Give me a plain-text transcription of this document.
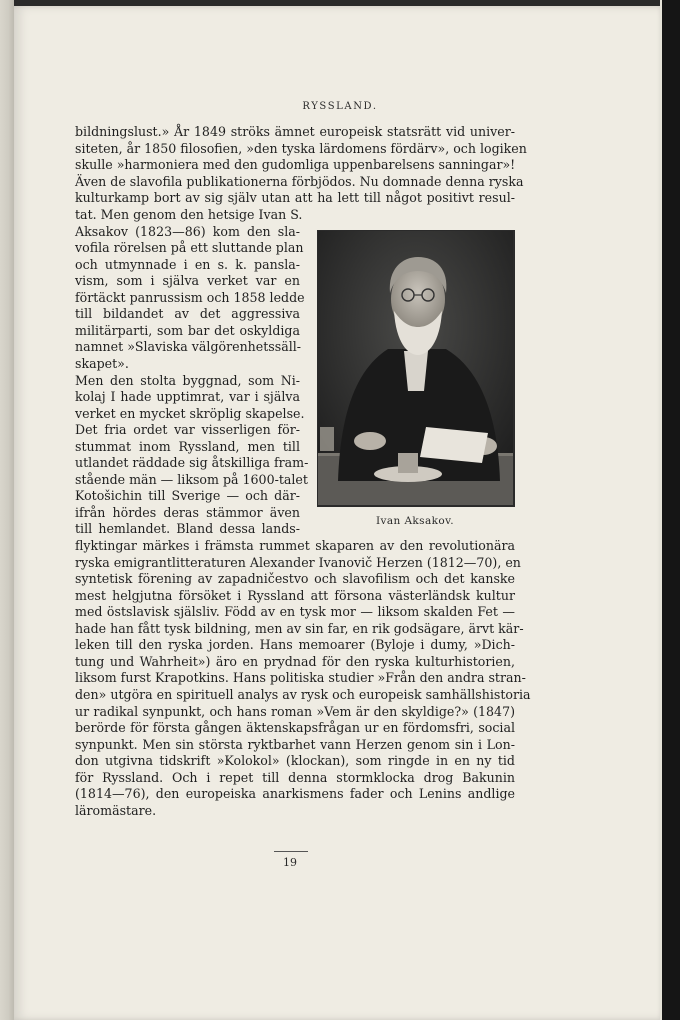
RYSSLAND.
bildningslust.» År 1849 ströks ämnet europeisk statsrätt vid univer-
siteten, år 1850 filosofien, »den tyska lärdomens fördärv», och logiken
skulle »harmoniera med den gudomliga uppenbarelsens sanningar»!
Även de slavofila publikationerna förbjödos. Nu domnade denna ryska
kulturkamp bort av sig själv utan att ha lett till något positivt resul-
tat. Men genom den hetsige Ivan S.
Aksakov (1823—86) kom den sla-
vofila rörelsen på ett sluttande plan
och utmynnade i en s. k. pansla-
vism, som i själva verket var en
förtäckt panrussism och 1858 ledde
till bildandet av det aggressiva
militärparti, som bar det oskyldiga
namnet »Slaviska välgörenhetssäll-
skapet».
Men den stolta byggnad, som Ni-
kolaj I hade upptimrat, var i själva
verket en mycket skröplig skapelse.
Det fria ordet var visserligen för-
stummat inom Ryssland, men till
utlandet räddade sig åtskilliga fram-
stående män — liksom på 1600-talet
Kotošichin till Sverige — och där-
ifrån hördes deras stämmor även
till hemlandet. Bland dessa lands-
flyktingar märkes i främsta rummet skaparen av den revolutionära
ryska emigrantlitteraturen Alexander Ivanovič Herzen (1812—70), en
syntetisk förening av zapadničestvo och slavofilism och det kanske
mest helgjutna försöket i Ryssland att försona västerländsk kultur
med östslavisk själsliv. Född av en tysk mor — liksom skalden Fet —
hade han fått tysk bildning, men av sin far, en rik godsägare, ärvt kär-
leken till den ryska jorden. Hans memoarer (Byloje i dumy, »Dich-
tung und Wahrheit») äro en prydnad för den ryska kulturhistorien,
liksom furst Krapotkins. Hans politiska studier »Från den andra stran-
den» utgöra en spirituell analys av rysk och europeisk samhällshistoria
ur radikal synpunkt, och hans roman »Vem är den skyldige?» (1847)
berörde för första gången äktenskapsfrågan ur en fördomsfri, social
synpunkt. Men sin största ryktbarhet vann Herzen genom sin i Lon-
don utgivna tidskrift »Kolokol» (klockan), som ringde in en ny tid
för Ryssland. Och i repet till denna stormklocka drog Bakunin
(1814—76), den europeiska anarkismens fader och Lenins andlige
läromästare.
Ivan Aksakov.
19
